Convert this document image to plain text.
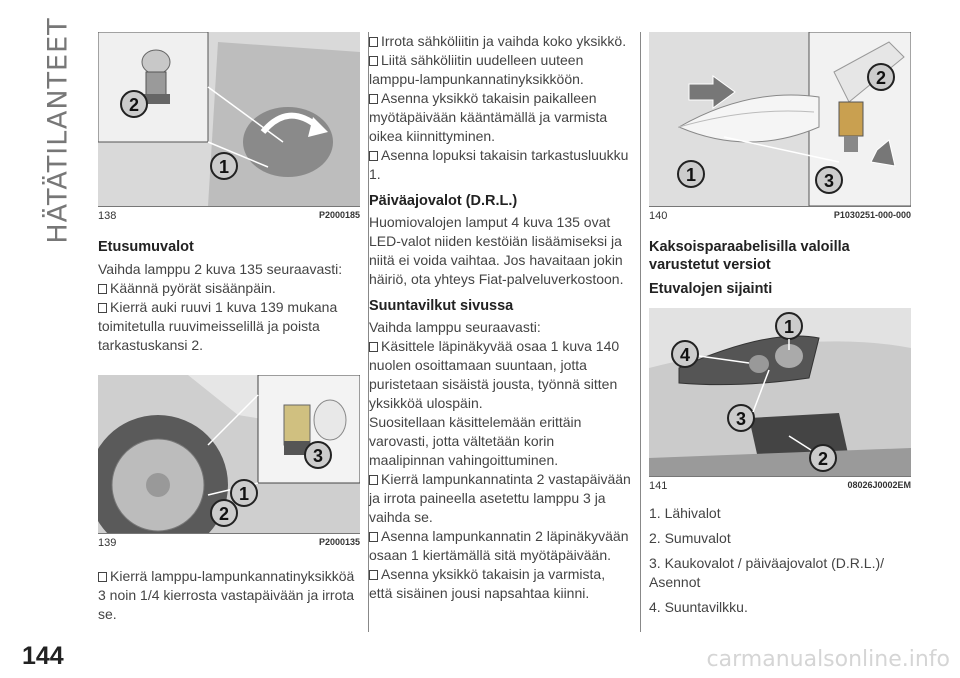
HÄTÄTILANTEET	2
1
138	P2000185

Etusumuvalot

Vaihda lamppu 2 kuva 135 seuraavasti:

Käännä pyörät sisäänpäin.

Kierrä auki ruuvi 1 kuva 139 mukana toimitetulla ruuvimeisselillä ja poista tarkastuskansi 2.

3
1
2
139	P2000135

Kierrä lamppu-lampunkannatinyksikköä 3 noin 1/4 kierrosta vastapäivään ja irrota se.

Irrota sähköliitin ja vaihda koko yksikkö.

Liitä sähköliitin uudelleen uuteen lamppu-lampunkannatinyksikköön.

Asenna yksikkö takaisin paikalleen myötäpäivään kääntämällä ja varmista oikea kiinnittyminen.

Asenna lopuksi takaisin tarkastusluukku 1.

Päiväajovalot (D.R.L.)

Huomiovalojen lamput 4 kuva 135 ovat LED-valot niiden kestöiän lisäämiseksi ja niitä ei voida vaihtaa. Jos havaitaan jokin häiriö, ota yhteys Fiat-palveluverkostoon.

Suuntavilkut sivussa

Vaihda lamppu seuraavasti:

Käsittele läpinäkyvää osaa 1 kuva 140 nuolen osoittamaan suuntaan, jotta puristetaan sisäistä jousta, työnnä sitten yksikköä ulospäin.

Suositellaan käsittelemään erittäin varovasti, jotta vältetään korin maalipinnan vahingoittuminen.

Kierrä lampunkannatinta 2 vastapäivään ja irrota paineella asetettu lamppu 3 ja vaihda se.

Asenna lampunkannatin 2 läpinäkyvään osaan 1 kiertämällä sitä myötäpäivään.

Asenna yksikkö takaisin ja varmista, että sisäinen jousi napsahtaa kiinni.

2
1	3
140	P1030251-000-000

Kaksoisparaabelisilla valoilla varustetut versiot

Etuvalojen sijainti

1
4
3
2
141	08026J0002EM

1. Lähivalot

2. Sumuvalot

3. Kaukovalot / päiväajovalot (D.R.L.)/ Asennot

4. Suuntavilkku.

144	carmanualsonline.info
